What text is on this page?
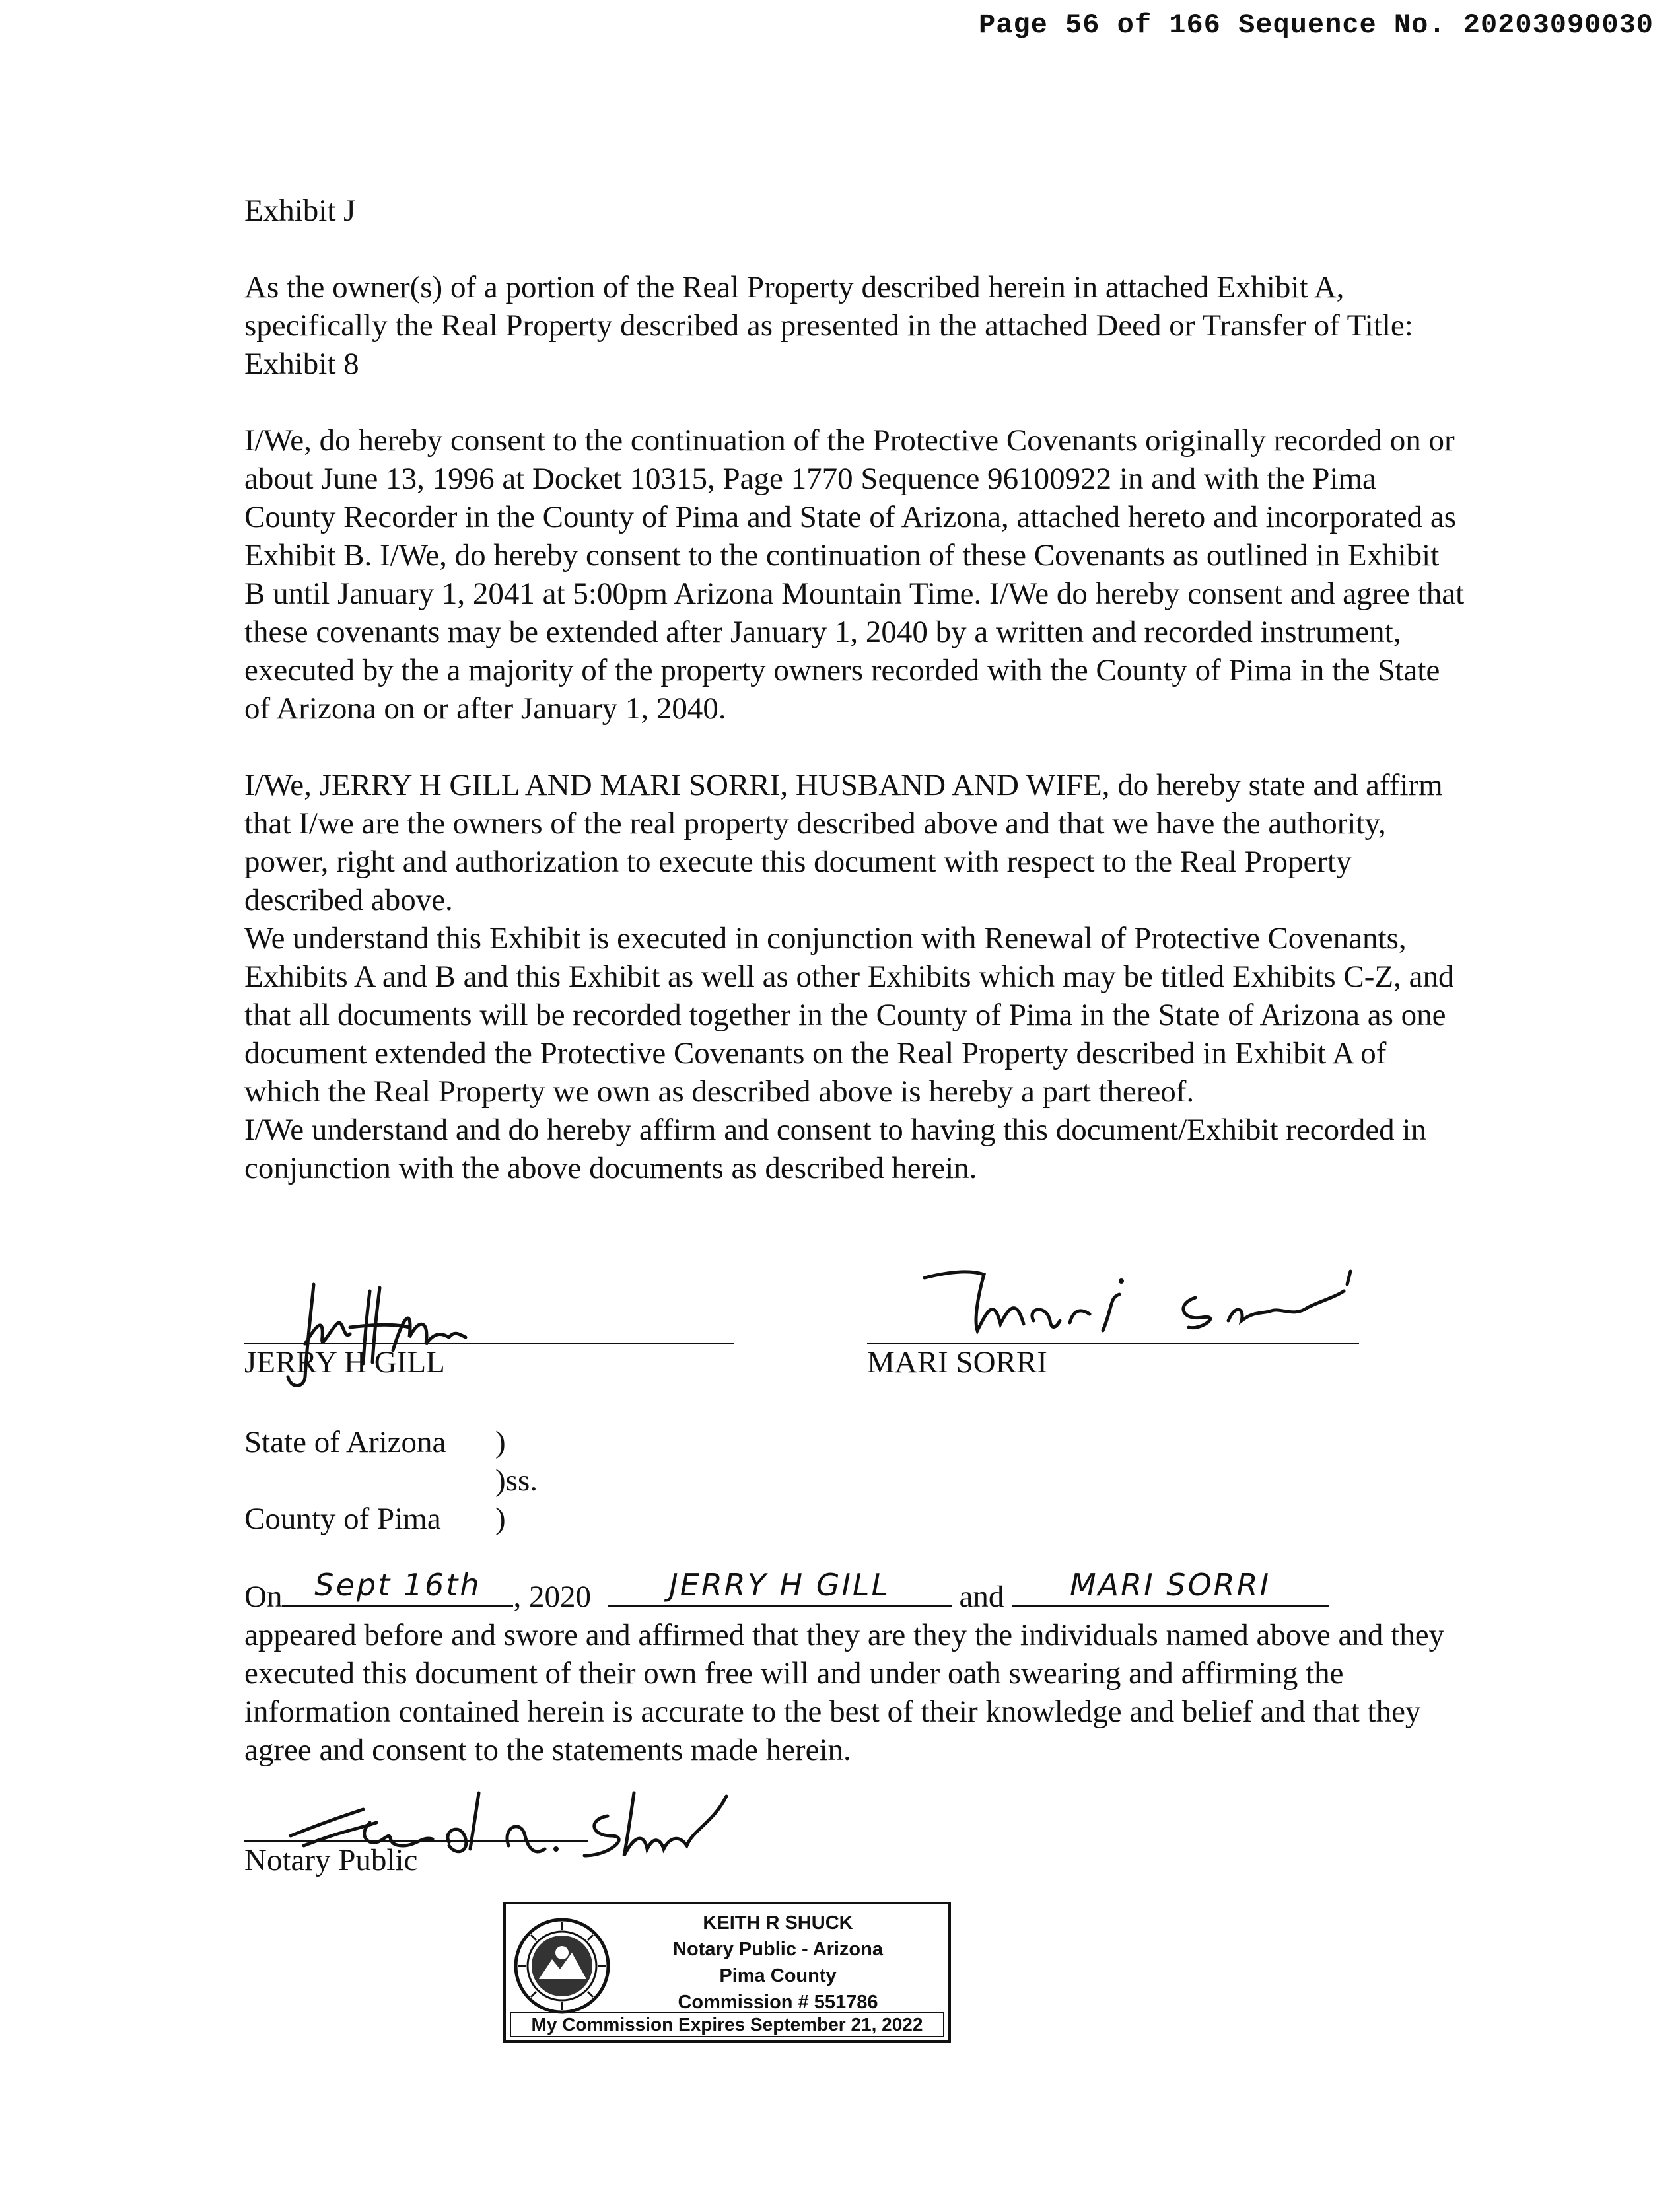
Page 56 of 166 Sequence No. 20203090030

Exhibit J

As the owner(s) of a portion of the Real Property described herein in attached Exhibit A, specifically the Real Property described as presented in the attached Deed or Transfer of Title: Exhibit 8

I/We, do hereby consent to the continuation of the Protective Covenants originally recorded on or about June 13, 1996 at Docket 10315, Page 1770 Sequence 96100922 in and with the Pima County Recorder in the County of Pima and State of Arizona, attached hereto and incorporated as Exhibit B. I/We, do hereby consent to the continuation of these Covenants as outlined in Exhibit B until January 1, 2041 at 5:00pm Arizona Mountain Time. I/We do hereby consent and agree that these covenants may be extended after January 1, 2040 by a written and recorded instrument, executed by the a majority of the property owners recorded with the County of Pima in the State of Arizona on or after January 1, 2040.

I/We, JERRY H GILL AND MARI SORRI, HUSBAND AND WIFE, do hereby state and affirm that I/we are the owners of the real property described above and that we have the authority, power, right and authorization to execute this document with respect to the Real Property described above.

We understand this Exhibit is executed in conjunction with Renewal of Protective Covenants, Exhibits A and B and this Exhibit as well as other Exhibits which may be titled Exhibits C-Z, and that all documents will be recorded together in the County of Pima in the State of Arizona as one document extended the Protective Covenants on the Real Property described in Exhibit A of which the Real Property we own as described above is hereby a part thereof.

I/We understand and do hereby affirm and consent to having this document/Exhibit recorded in conjunction with the above documents as described herein.

JERRY H GILL	MARI SORRI
State of Arizona )
)ss.
County of Pima )
On	Sept 16th	, 2020	JERRY H GILL	and	MARI SORRI

appeared before and swore and affirmed that they are they the individuals named above and they executed this document of their own free will and under oath swearing and affirming the information contained herein is accurate to the best of their knowledge and belief and that they agree and consent to the statements made herein.

Notary Public
KEITH R SHUCK
Notary Public - Arizona
Pima County
Commission # 551786
My Commission Expires September 21, 2022
